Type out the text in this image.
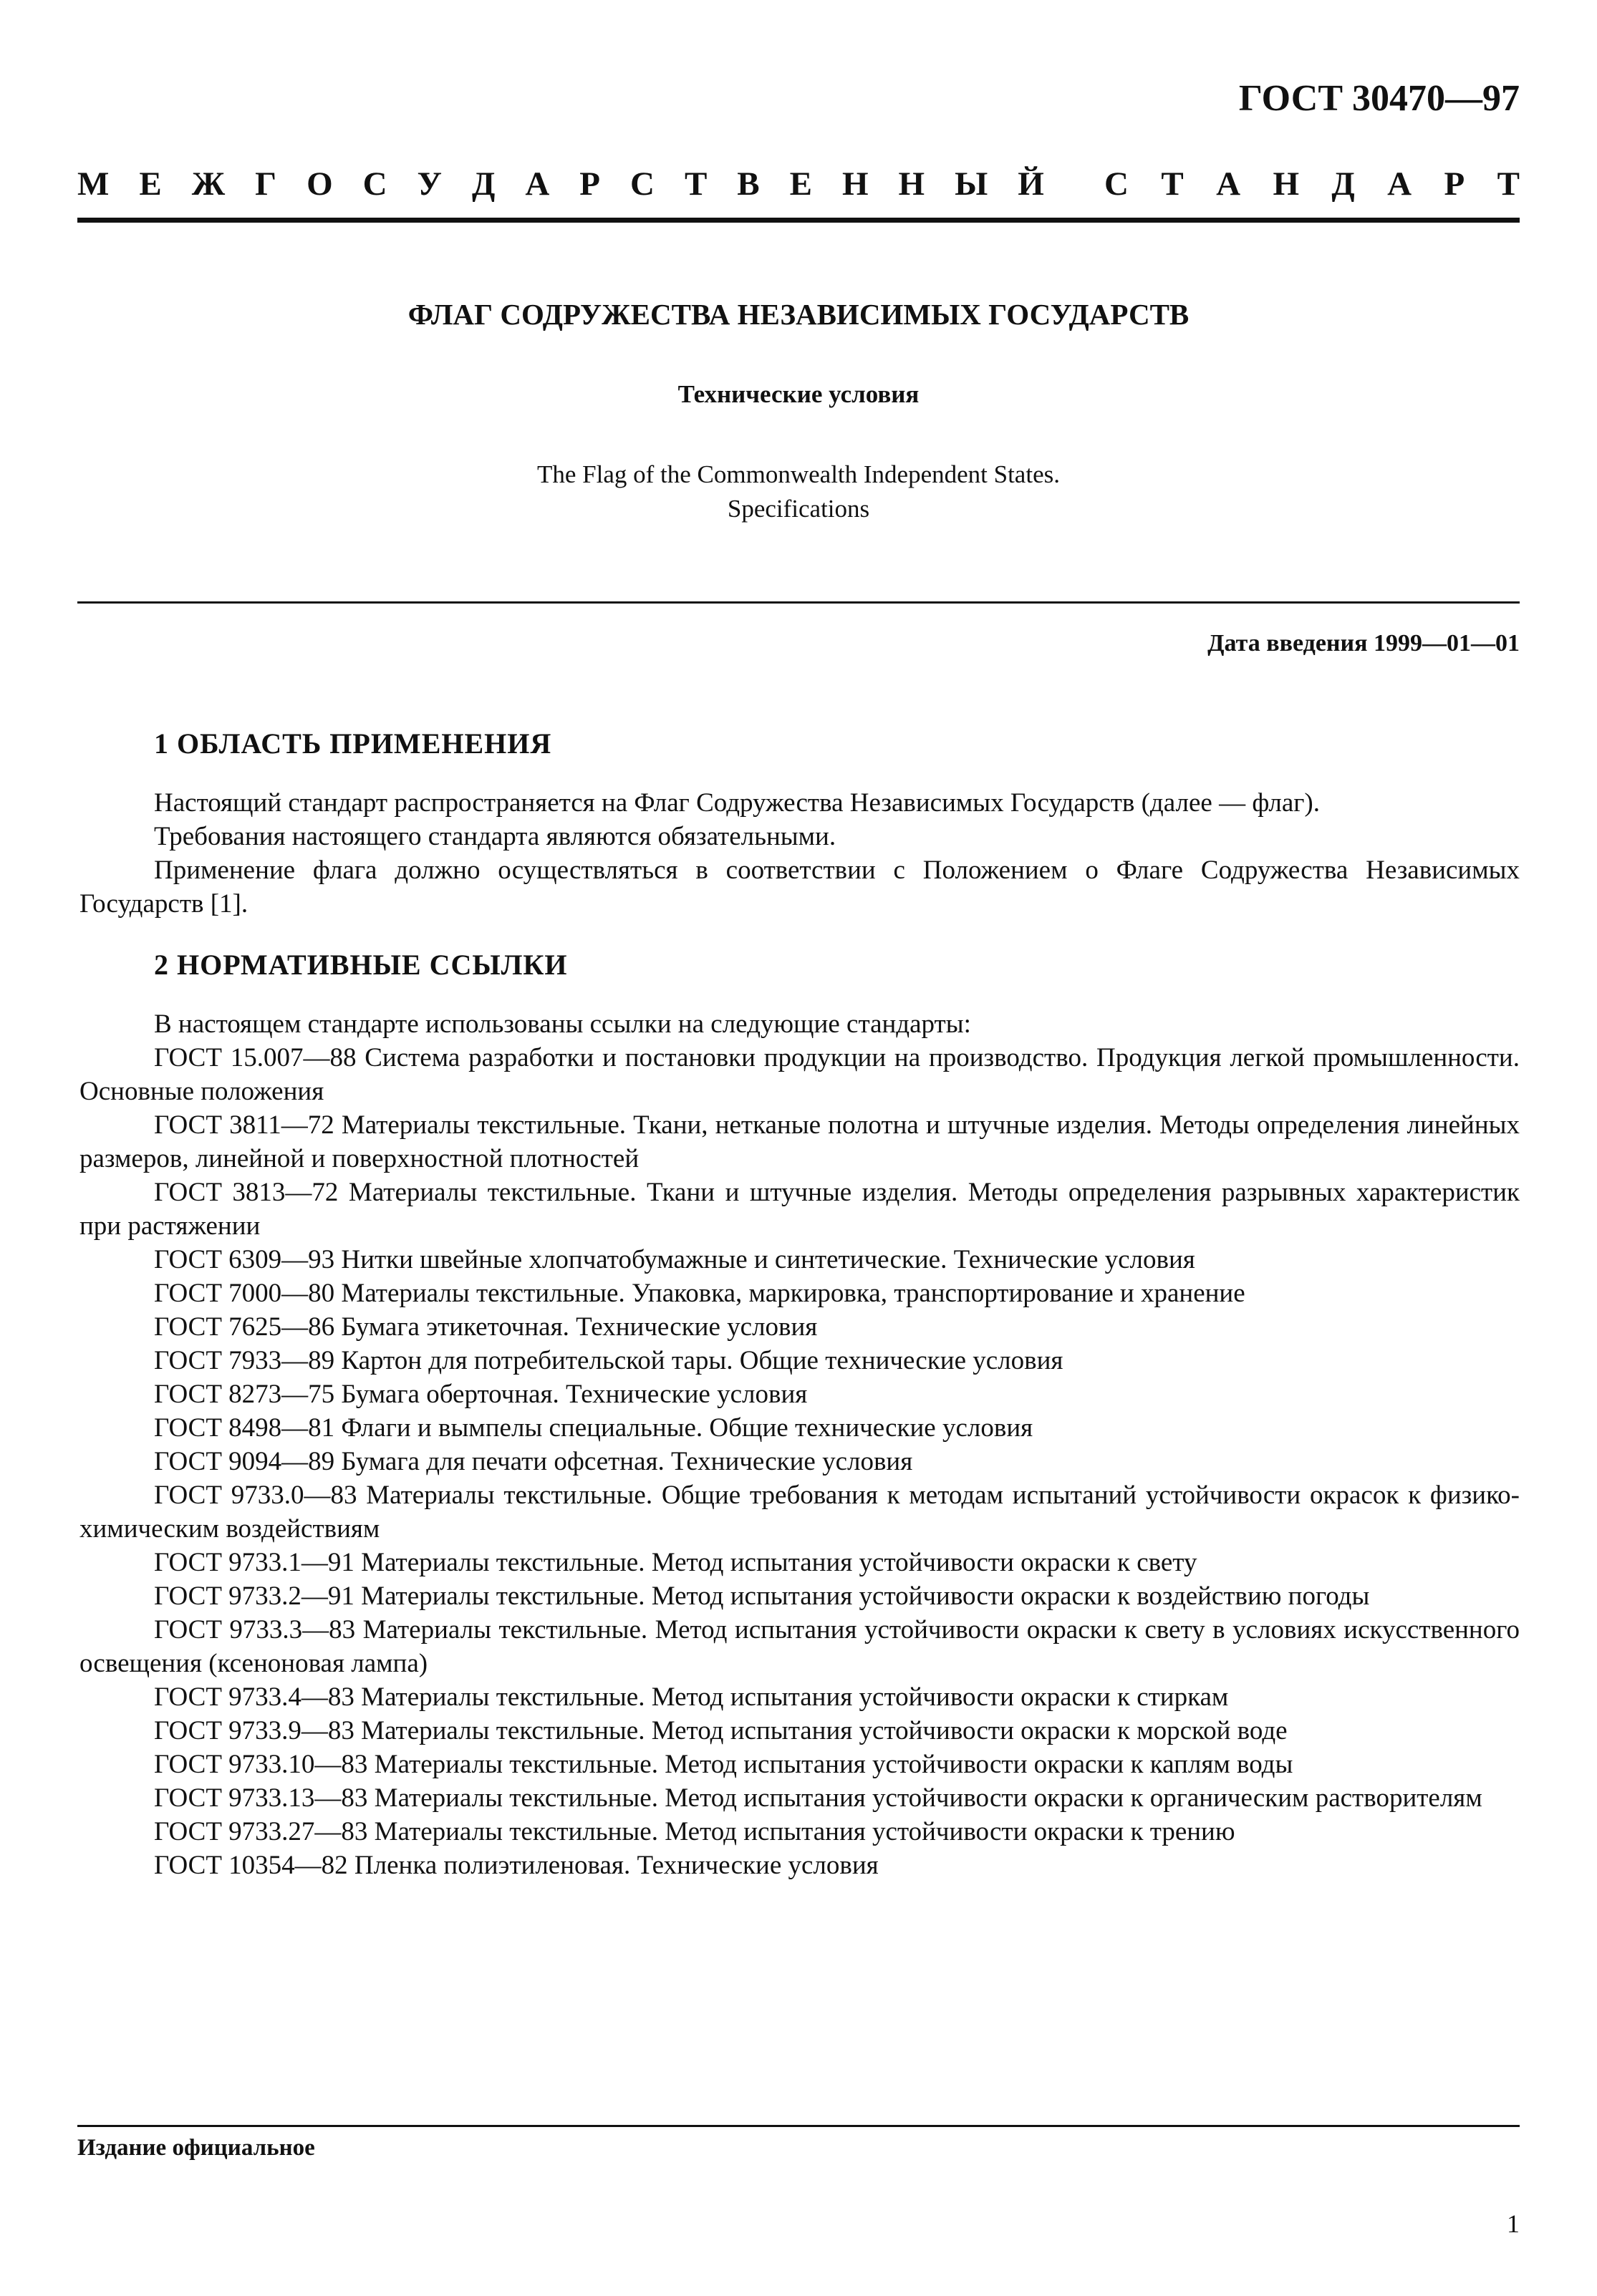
ГОСТ 30470—97
М Е Ж Г О С У Д А Р С Т В Е Н Н Ы Й С Т А Н Д А Р Т
ФЛАГ СОДРУЖЕСТВА НЕЗАВИСИМЫХ ГОСУДАРСТВ
Технические условия
The Flag of the Commonwealth Independent States.
Specifications
Дата введения 1999—01—01
1 ОБЛАСТЬ ПРИМЕНЕНИЯ

Настоящий стандарт распространяется на Флаг Содружества Независимых Государств (далее — флаг).

Требования настоящего стандарта являются обязательными.

Применение флага должно осуществляться в соответствии с Положением о Флаге Содружества Независимых Государств [1].

2 НОРМАТИВНЫЕ ССЫЛКИ

В настоящем стандарте использованы ссылки на следующие стандарты:

ГОСТ 15.007—88 Система разработки и постановки продукции на производство. Продукция легкой промышленности. Основные положения

ГОСТ 3811—72 Материалы текстильные. Ткани, нетканые полотна и штучные изделия. Методы определения линейных размеров, линейной и поверхностной плотностей

ГОСТ 3813—72 Материалы текстильные. Ткани и штучные изделия. Методы определения разрывных характеристик при растяжении

ГОСТ 6309—93 Нитки швейные хлопчатобумажные и синтетические. Технические условия

ГОСТ 7000—80 Материалы текстильные. Упаковка, маркировка, транспортирование и хранение

ГОСТ 7625—86 Бумага этикеточная. Технические условия

ГОСТ 7933—89 Картон для потребительской тары. Общие технические условия

ГОСТ 8273—75 Бумага оберточная. Технические условия

ГОСТ 8498—81 Флаги и вымпелы специальные. Общие технические условия

ГОСТ 9094—89 Бумага для печати офсетная. Технические условия

ГОСТ 9733.0—83 Материалы текстильные. Общие требования к методам испытаний устойчивости окрасок к физико-химическим воздействиям

ГОСТ 9733.1—91 Материалы текстильные. Метод испытания устойчивости окраски к свету

ГОСТ 9733.2—91 Материалы текстильные. Метод испытания устойчивости окраски к воздействию погоды

ГОСТ 9733.3—83 Материалы текстильные. Метод испытания устойчивости окраски к свету в условиях искусственного освещения (ксеноновая лампа)

ГОСТ 9733.4—83 Материалы текстильные. Метод испытания устойчивости окраски к стиркам

ГОСТ 9733.9—83 Материалы текстильные. Метод испытания устойчивости окраски к морской воде

ГОСТ 9733.10—83 Материалы текстильные. Метод испытания устойчивости окраски к каплям воды

ГОСТ 9733.13—83 Материалы текстильные. Метод испытания устойчивости окраски к органическим растворителям

ГОСТ 9733.27—83 Материалы текстильные. Метод испытания устойчивости окраски к трению

ГОСТ 10354—82 Пленка полиэтиленовая. Технические условия

Издание официальное
1
